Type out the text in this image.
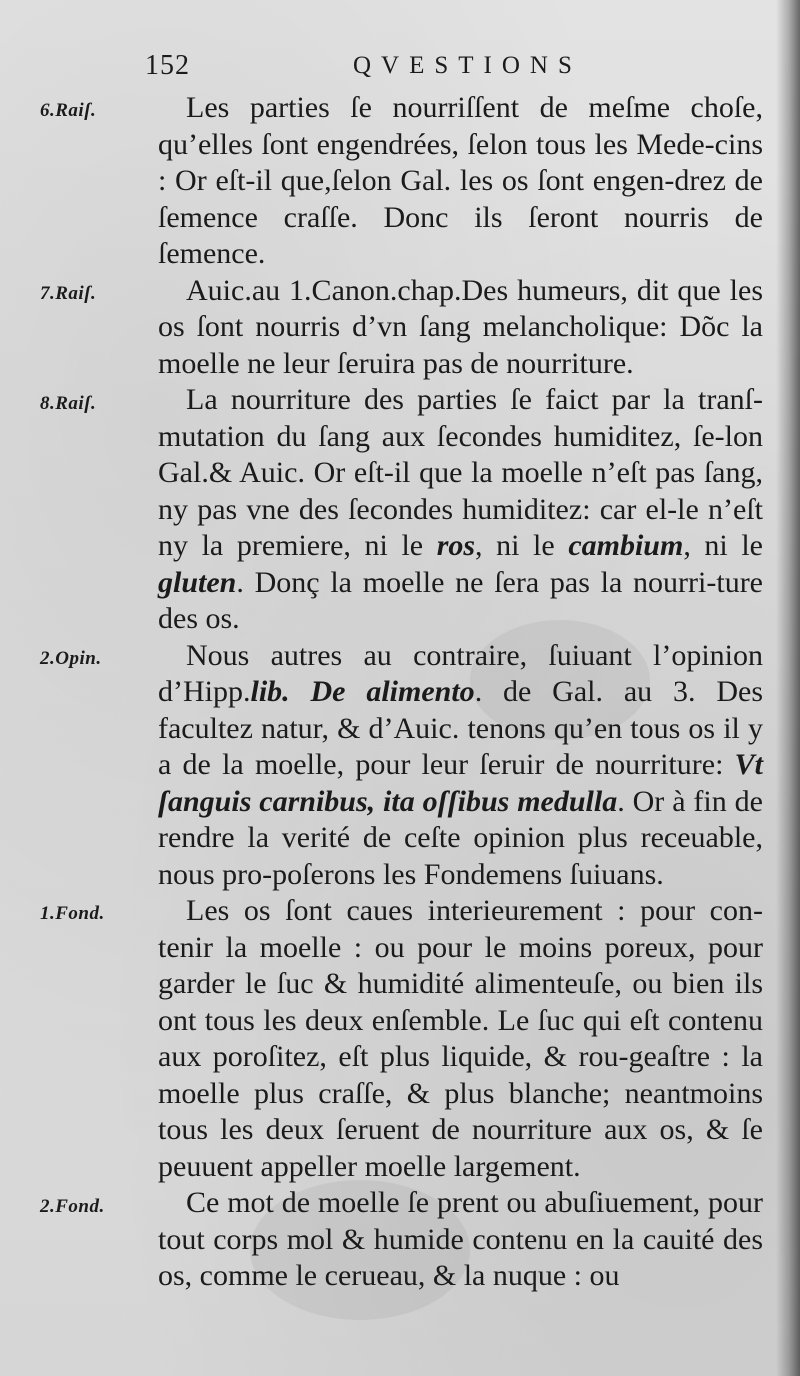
152	QVESTIONS
6.Raiſ.
7.Raiſ.
8.Raiſ.
2.Opin.
1.Fond.
2.Fond.

Les parties ſe nourriſſent de meſme choſe, qu’elles ſont engendrées, ſelon tous les Mede-cins : Or eſt-il que,ſelon Gal. les os ſont engen-drez de ſemence craſſe. Donc ils ſeront nourris de ſemence.

Auic.au 1.Canon.chap.Des humeurs, dit que les os ſont nourris d’vn ſang melancholique: Dõc la moelle ne leur ſeruira pas de nourriture.

La nourriture des parties ſe faict par la tranſ-mutation du ſang aux ſecondes humiditez, ſe-lon Gal.& Auic. Or eſt-il que la moelle n’eſt pas ſang, ny pas vne des ſecondes humiditez: car el-le n’eſt ny la premiere, ni le ros, ni le cambium, ni le gluten. Donç la moelle ne ſera pas la nourri-ture des os.

Nous autres au contraire, ſuiuant l’opinion d’Hipp.lib. De alimento. de Gal. au 3. Des facultez natur, & d’Auic. tenons qu’en tous os il y a de la moelle, pour leur ſeruir de nourriture: Vt ſanguis carnibus, ita oſſibus medulla. Or à fin de rendre la verité de ceſte opinion plus receuable, nous pro-poſerons les Fondemens ſuiuans.

Les os ſont caues interieurement : pour con-tenir la moelle : ou pour le moins poreux, pour garder le ſuc & humidité alimenteuſe, ou bien ils ont tous les deux enſemble. Le ſuc qui eſt contenu aux poroſitez, eſt plus liquide, & rou-geaſtre : la moelle plus craſſe, & plus blanche; neantmoins tous les deux ſeruent de nourriture aux os, & ſe peuuent appeller moelle largement.

Ce mot de moelle ſe prent ou abuſiuement, pour tout corps mol & humide contenu en la cauité des os, comme le cerueau, & la nuque : ou
